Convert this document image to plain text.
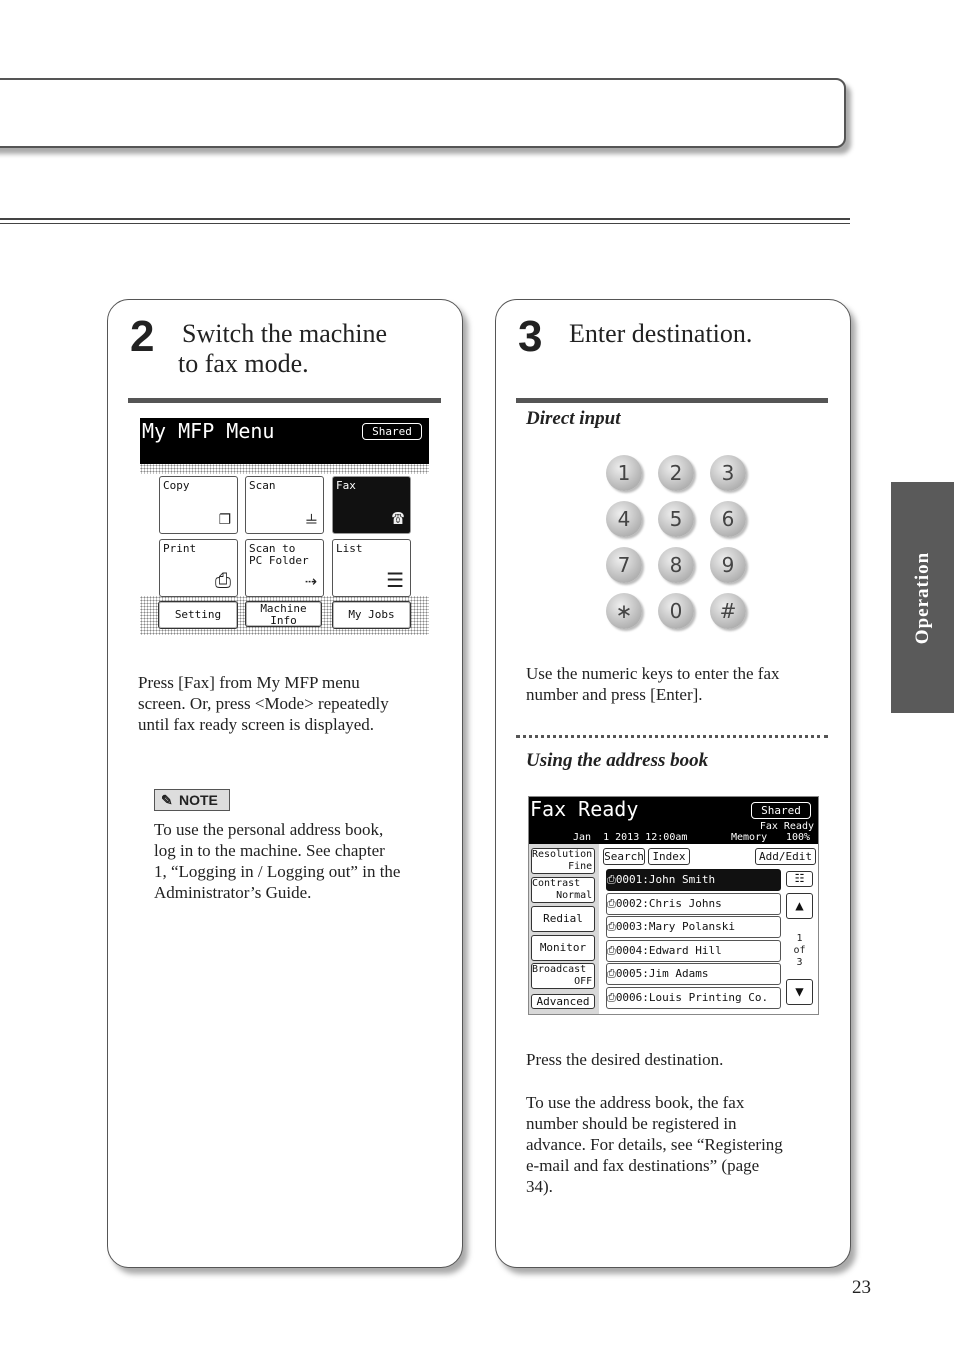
Operation
2 Switch the machine
to fax mode.
My MFP Menu	Shared
Copy
❐
Scan
⫨
Fax
☎
Print
⎙
Scan to
PC Folder
⇢
List
☰
Setting	Machine
Info	My Jobs
Press [Fax] from My MFP menu
screen. Or, press <Mode> repeatedly
until fax ready screen is displayed.
✎ NOTE
To use the personal address book,
log in to the machine. See chapter
1, “Logging in / Logging out” in the
Administrator’s Guide.
3 Enter destination.
Direct input
1	2	3
4	5	6
7	8	9
∗	0	#
Use the numeric keys to enter the fax
number and press [Enter].
Using the address book
Fax Ready	Shared
Fax Ready
Jan  1 2013 12:00am	Memory 100%
Resolution
Fine
Contrast
Normal
Redial
Monitor
Broadcast
OFF
Advanced
Search Index	Add/Edit
⎙0001:John Smith
⎙0002:Chris Johns
⎙0003:Mary Polanski
⎙0004:Edward Hill
⎙0005:Jim Adams
⎙0006:Louis Printing Co.
☷
▲
1
of
3
▼
Press the desired destination.
To use the address book, the fax
number should be registered in
advance. For details, see “Registering
e-mail and fax destinations” (page
34).
23
